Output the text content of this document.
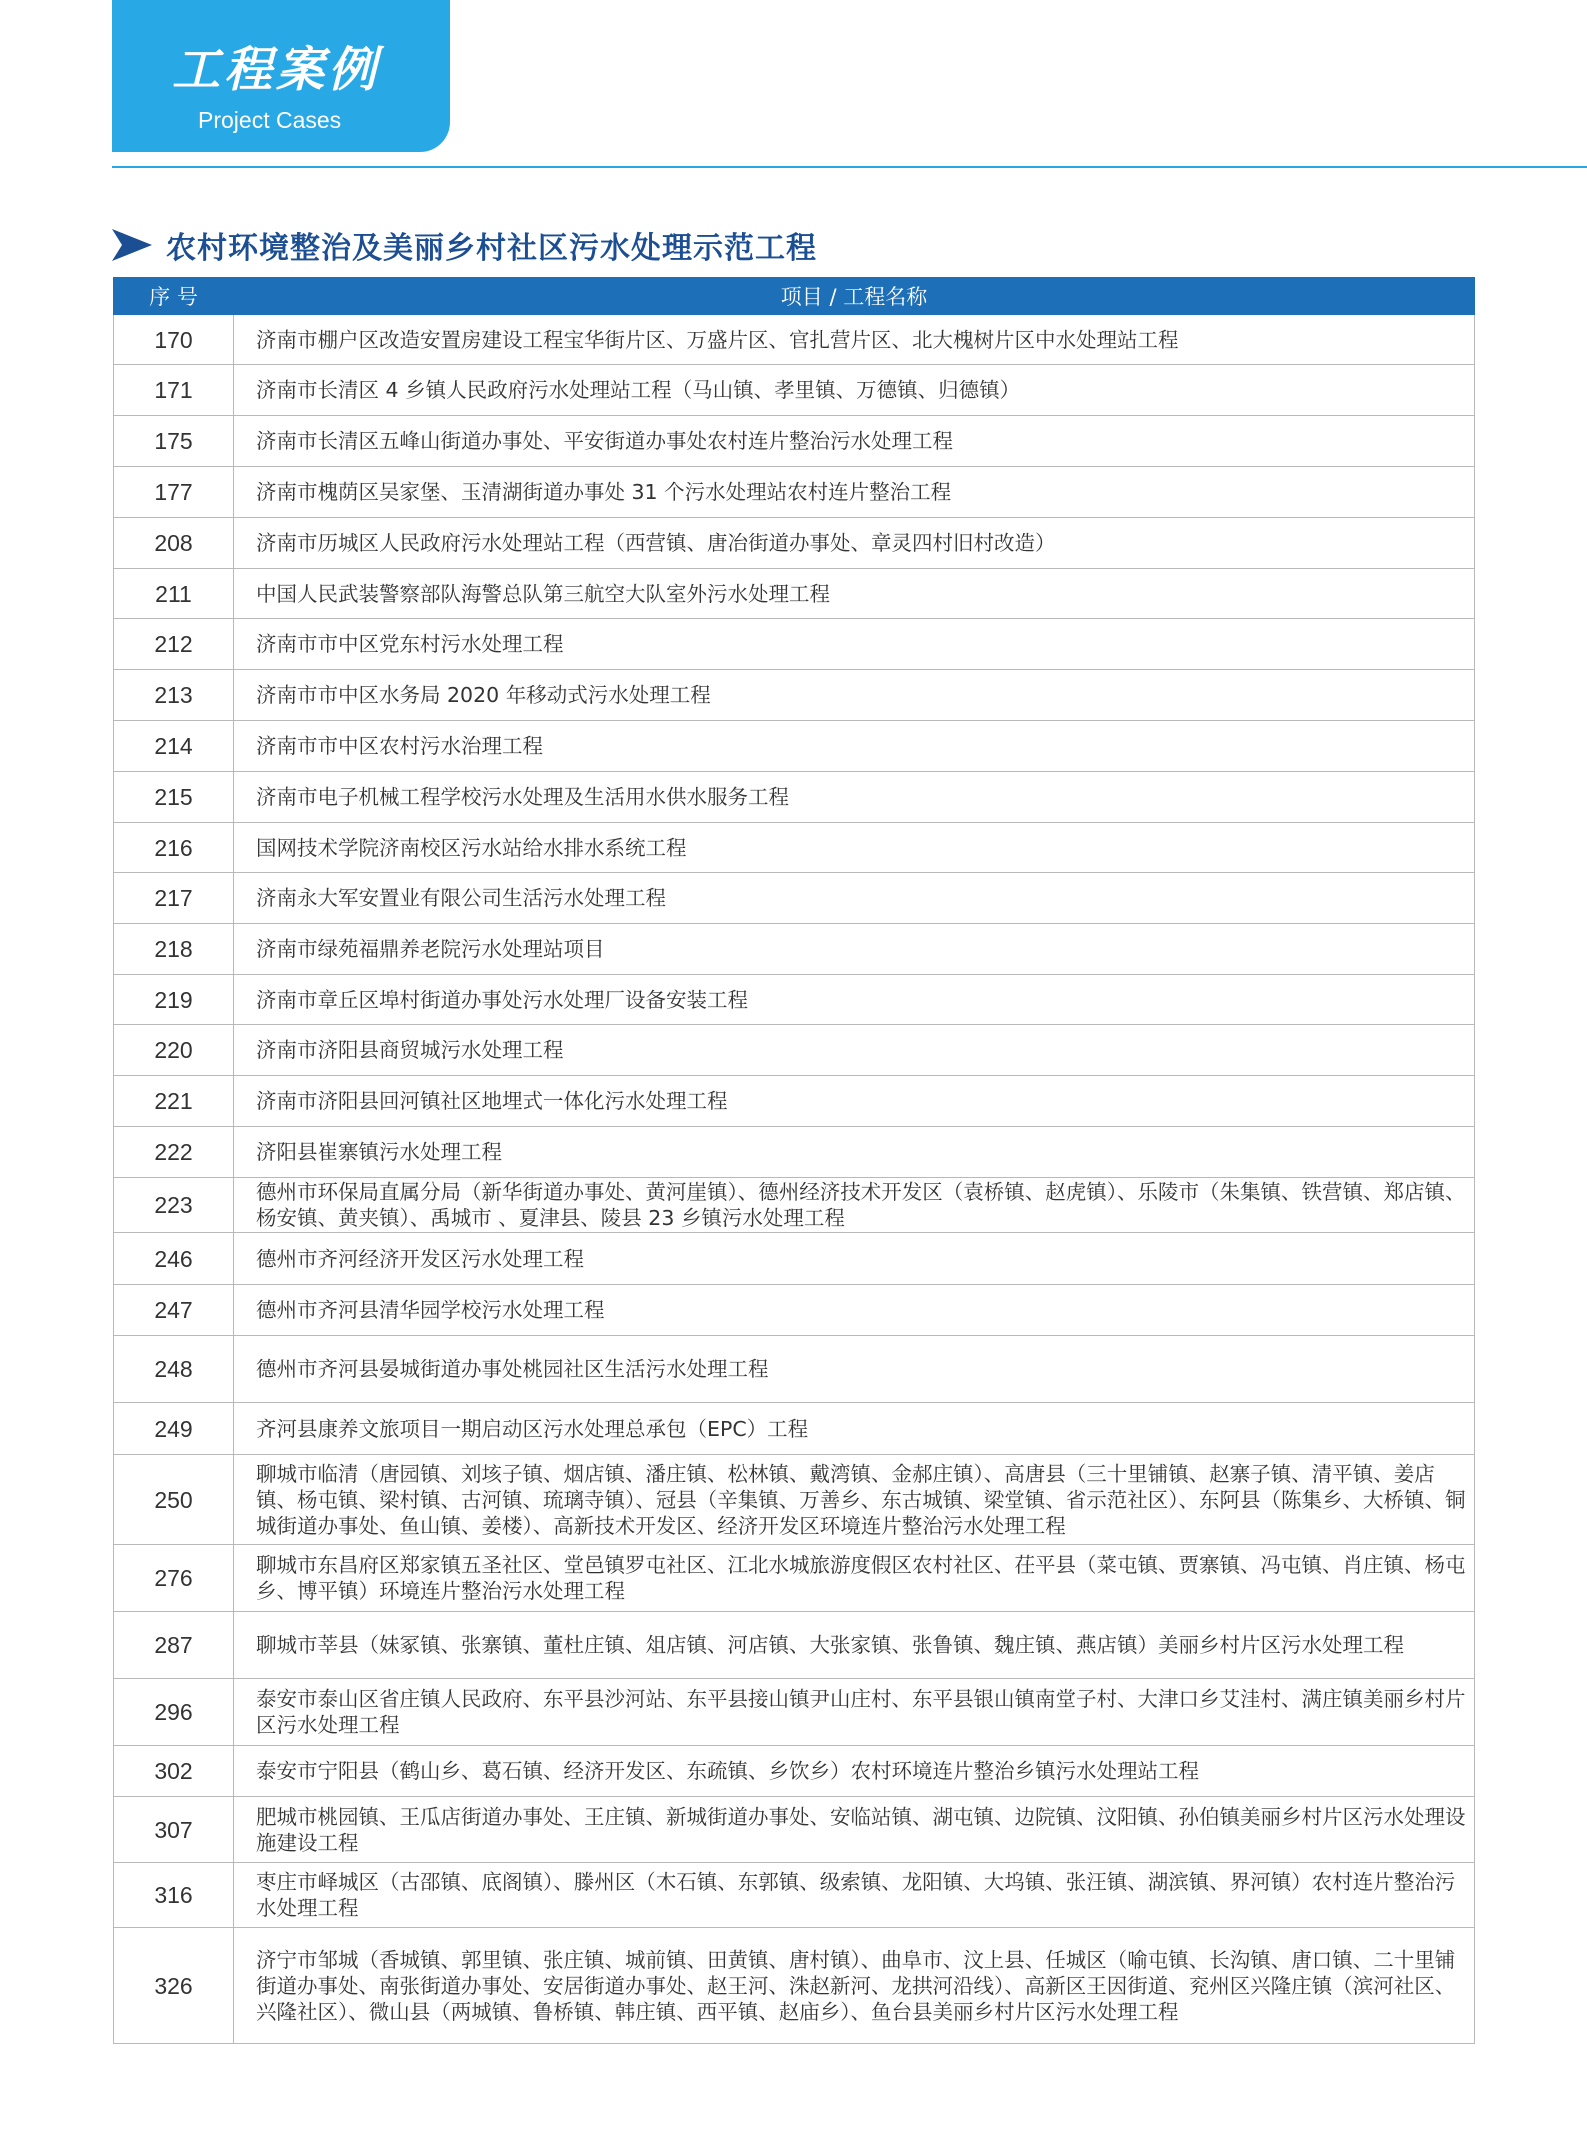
工程案例
Project Cases
农村环境整治及美丽乡村社区污水处理示范工程
序 号	项目 / 工程名称
170	济南市棚户区改造安置房建设工程宝华街片区、万盛片区、官扎营片区、北大槐树片区中水处理站工程
171	济南市长清区 4 乡镇人民政府污水处理站工程（马山镇、孝里镇、万德镇、归德镇）
175	济南市长清区五峰山街道办事处、平安街道办事处农村连片整治污水处理工程
177	济南市槐荫区吴家堡、玉清湖街道办事处 31 个污水处理站农村连片整治工程
208	济南市历城区人民政府污水处理站工程（西营镇、唐冶街道办事处、章灵四村旧村改造）
211	中国人民武装警察部队海警总队第三航空大队室外污水处理工程
212	济南市市中区党东村污水处理工程
213	济南市市中区水务局 2020 年移动式污水处理工程
214	济南市市中区农村污水治理工程
215	济南市电子机械工程学校污水处理及生活用水供水服务工程
216	国网技术学院济南校区污水站给水排水系统工程
217	济南永大军安置业有限公司生活污水处理工程
218	济南市绿苑福鼎养老院污水处理站项目
219	济南市章丘区埠村街道办事处污水处理厂设备安装工程
220	济南市济阳县商贸城污水处理工程
221	济南市济阳县回河镇社区地埋式一体化污水处理工程
222	济阳县崔寨镇污水处理工程
223	德州市环保局直属分局（新华街道办事处、黄河崖镇）、德州经济技术开发区（袁桥镇、赵虎镇）、乐陵市（朱集镇、铁营镇、郑店镇、杨安镇、黄夹镇）、禹城市 、夏津县、陵县 23 乡镇污水处理工程
246	德州市齐河经济开发区污水处理工程
247	德州市齐河县清华园学校污水处理工程
248	德州市齐河县晏城街道办事处桃园社区生活污水处理工程
249	齐河县康养文旅项目一期启动区污水处理总承包（EPC）工程
250	聊城市临清（唐园镇、刘垓子镇、烟店镇、潘庄镇、松林镇、戴湾镇、金郝庄镇）、高唐县（三十里铺镇、赵寨子镇、清平镇、姜店镇、杨屯镇、梁村镇、古河镇、琉璃寺镇）、冠县（辛集镇、万善乡、东古城镇、梁堂镇、省示范社区）、东阿县（陈集乡、大桥镇、铜城街道办事处、鱼山镇、姜楼）、高新技术开发区、经济开发区环境连片整治污水处理工程
276	聊城市东昌府区郑家镇五圣社区、堂邑镇罗屯社区、江北水城旅游度假区农村社区、茌平县（菜屯镇、贾寨镇、冯屯镇、肖庄镇、杨屯乡、博平镇）环境连片整治污水处理工程
287	聊城市莘县（妹冢镇、张寨镇、董杜庄镇、俎店镇、河店镇、大张家镇、张鲁镇、魏庄镇、燕店镇）美丽乡村片区污水处理工程
296	泰安市泰山区省庄镇人民政府、东平县沙河站、东平县接山镇尹山庄村、东平县银山镇南堂子村、大津口乡艾洼村、满庄镇美丽乡村片区污水处理工程
302	泰安市宁阳县（鹤山乡、葛石镇、经济开发区、东疏镇、乡饮乡）农村环境连片整治乡镇污水处理站工程
307	肥城市桃园镇、王瓜店街道办事处、王庄镇、新城街道办事处、安临站镇、湖屯镇、边院镇、汶阳镇、孙伯镇美丽乡村片区污水处理设施建设工程
316	枣庄市峄城区（古邵镇、底阁镇）、滕州区（木石镇、东郭镇、级索镇、龙阳镇、大坞镇、张汪镇、湖滨镇、界河镇）农村连片整治污水处理工程
326	济宁市邹城（香城镇、郭里镇、张庄镇、城前镇、田黄镇、唐村镇）、曲阜市、汶上县、任城区（喻屯镇、长沟镇、唐口镇、二十里铺街道办事处、南张街道办事处、安居街道办事处、赵王河、洙赵新河、龙拱河沿线）、高新区王因街道、兖州区兴隆庄镇（滨河社区、兴隆社区）、微山县（两城镇、鲁桥镇、韩庄镇、西平镇、赵庙乡）、鱼台县美丽乡村片区污水处理工程
